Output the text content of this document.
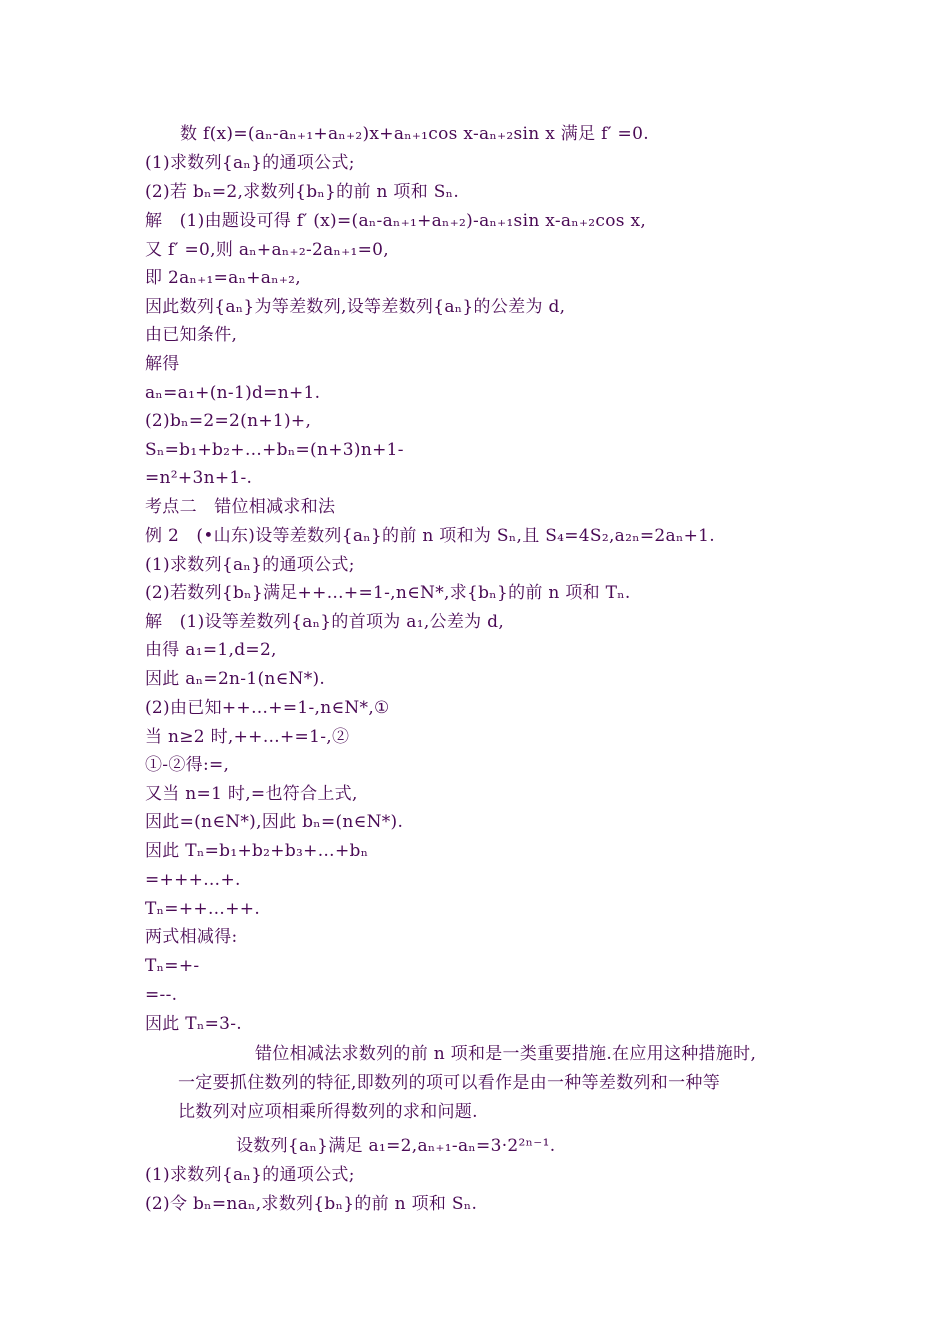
数 f(x)=(aₙ-aₙ₊₁+aₙ₊₂)x+aₙ₊₁cos x-aₙ₊₂sin x 满足 f′ =0.
(1)求数列{aₙ}的通项公式;
(2)若 bₙ=2,求数列{bₙ}的前 n 项和 Sₙ.
解　(1)由题设可得 f′ (x)=(aₙ-aₙ₊₁+aₙ₊₂)-aₙ₊₁sin x-aₙ₊₂cos x,
又 f′ =0,则 aₙ+aₙ₊₂-2aₙ₊₁=0,
即 2aₙ₊₁=aₙ+aₙ₊₂,
因此数列{aₙ}为等差数列,设等差数列{aₙ}的公差为 d,
由已知条件,
解得
aₙ=a₁+(n-1)d=n+1.
(2)bₙ=2=2(n+1)+,
Sₙ=b₁+b₂+…+bₙ=(n+3)n+1-
=n²+3n+1-.
考点二　错位相减求和法
例 2　(•山东)设等差数列{aₙ}的前 n 项和为 Sₙ,且 S₄=4S₂,a₂ₙ=2aₙ+1.
(1)求数列{aₙ}的通项公式;
(2)若数列{bₙ}满足++…+=1-,n∈N*,求{bₙ}的前 n 项和 Tₙ.
解　(1)设等差数列{aₙ}的首项为 a₁,公差为 d,
由得 a₁=1,d=2,
因此 aₙ=2n-1(n∈N*).
(2)由已知++…+=1-,n∈N*,①
当 n≥2 时,++…+=1-,②
①-②得:=,
又当 n=1 时,=也符合上式,
因此=(n∈N*),因此 bₙ=(n∈N*).
因此 Tₙ=b₁+b₂+b₃+…+bₙ
=+++…+.
Tₙ=++…++.
两式相减得:
Tₙ=+-
=--.
因此 Tₙ=3-.
错位相减法求数列的前 n 项和是一类重要措施.在应用这种措施时,
一定要抓住数列的特征,即数列的项可以看作是由一种等差数列和一种等
比数列对应项相乘所得数列的求和问题.
设数列{aₙ}满足 a₁=2,aₙ₊₁-aₙ=3·2²ⁿ⁻¹.
(1)求数列{aₙ}的通项公式;
(2)令 bₙ=naₙ,求数列{bₙ}的前 n 项和 Sₙ.
